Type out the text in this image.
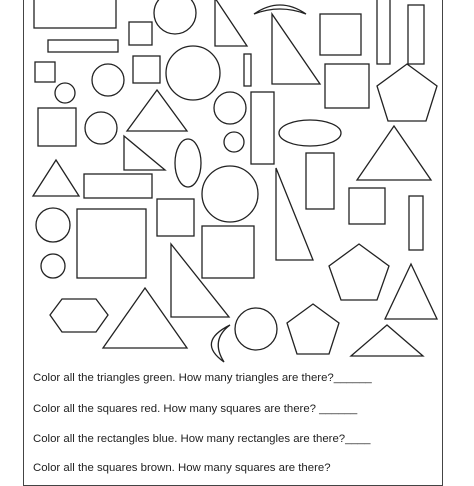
Color all the triangles green. How many triangles are there?______
Color all the squares red. How many squares are there? ______
Color all the rectangles blue. How many rectangles are there?____
Color all the squares brown. How many squares are there?
